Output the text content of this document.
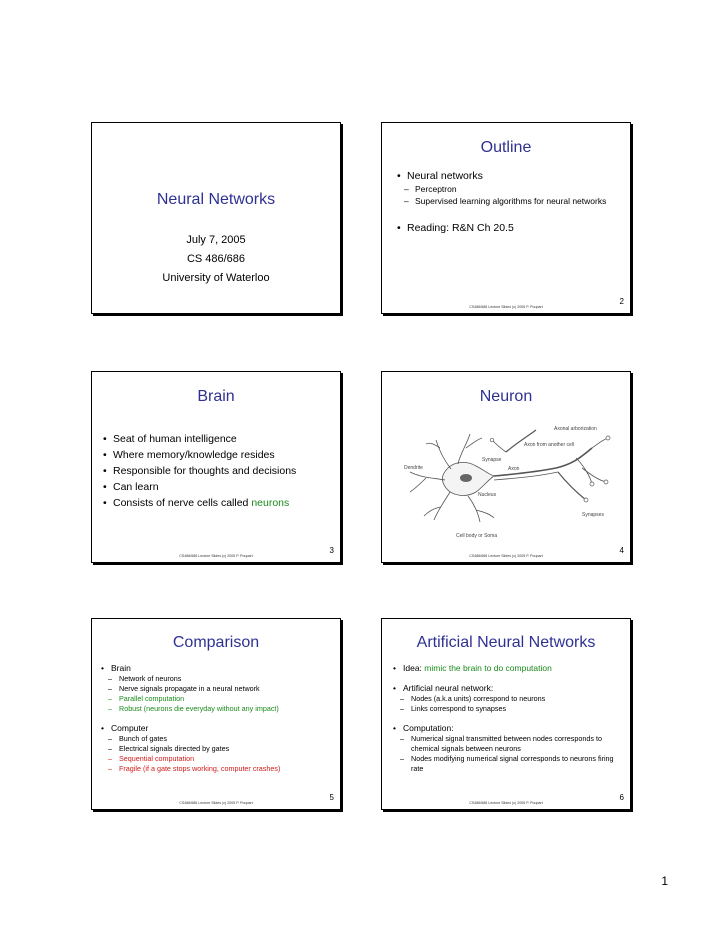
Neural Networks
July 7, 2005
CS 486/686
University of Waterloo
Outline
• Neural networks
– Perceptron
– Supervised learning algorithms for neural networks
• Reading: R&N Ch 20.5
CS486/686 Lecture Slides (c) 2005 P. Poupart
2
Brain
• Seat of human intelligence
• Where memory/knowledge resides
• Responsible for thoughts and decisions
• Can learn
• Consists of nerve cells called neurons
CS486/686 Lecture Slides (c) 2005 P. Poupart
3
Neuron
Axonal arborization
Axon from another cell
Synapse
Dendrite	Axon
Nucleus
Synapses
Cell body or Soma
CS486/686 Lecture Slides (c) 2005 P. Poupart
4
Comparison
• Brain
– Network of neurons
– Nerve signals propagate in a neural network
– Parallel computation
– Robust (neurons die everyday without any impact)
• Computer
– Bunch of gates
– Electrical signals directed by gates
– Sequential computation
– Fragile (if a gate stops working, computer crashes)
CS486/686 Lecture Slides (c) 2005 P. Poupart
5
Artificial Neural Networks
• Idea: mimic the brain to do computation
• Artificial neural network:
– Nodes (a.k.a units) correspond to neurons
– Links correspond to synapses
• Computation:
– Numerical signal transmitted between nodes corresponds to chemical signals between neurons
– Nodes modifying numerical signal corresponds to neurons firing rate
CS486/686 Lecture Slides (c) 2005 P. Poupart
6
1
